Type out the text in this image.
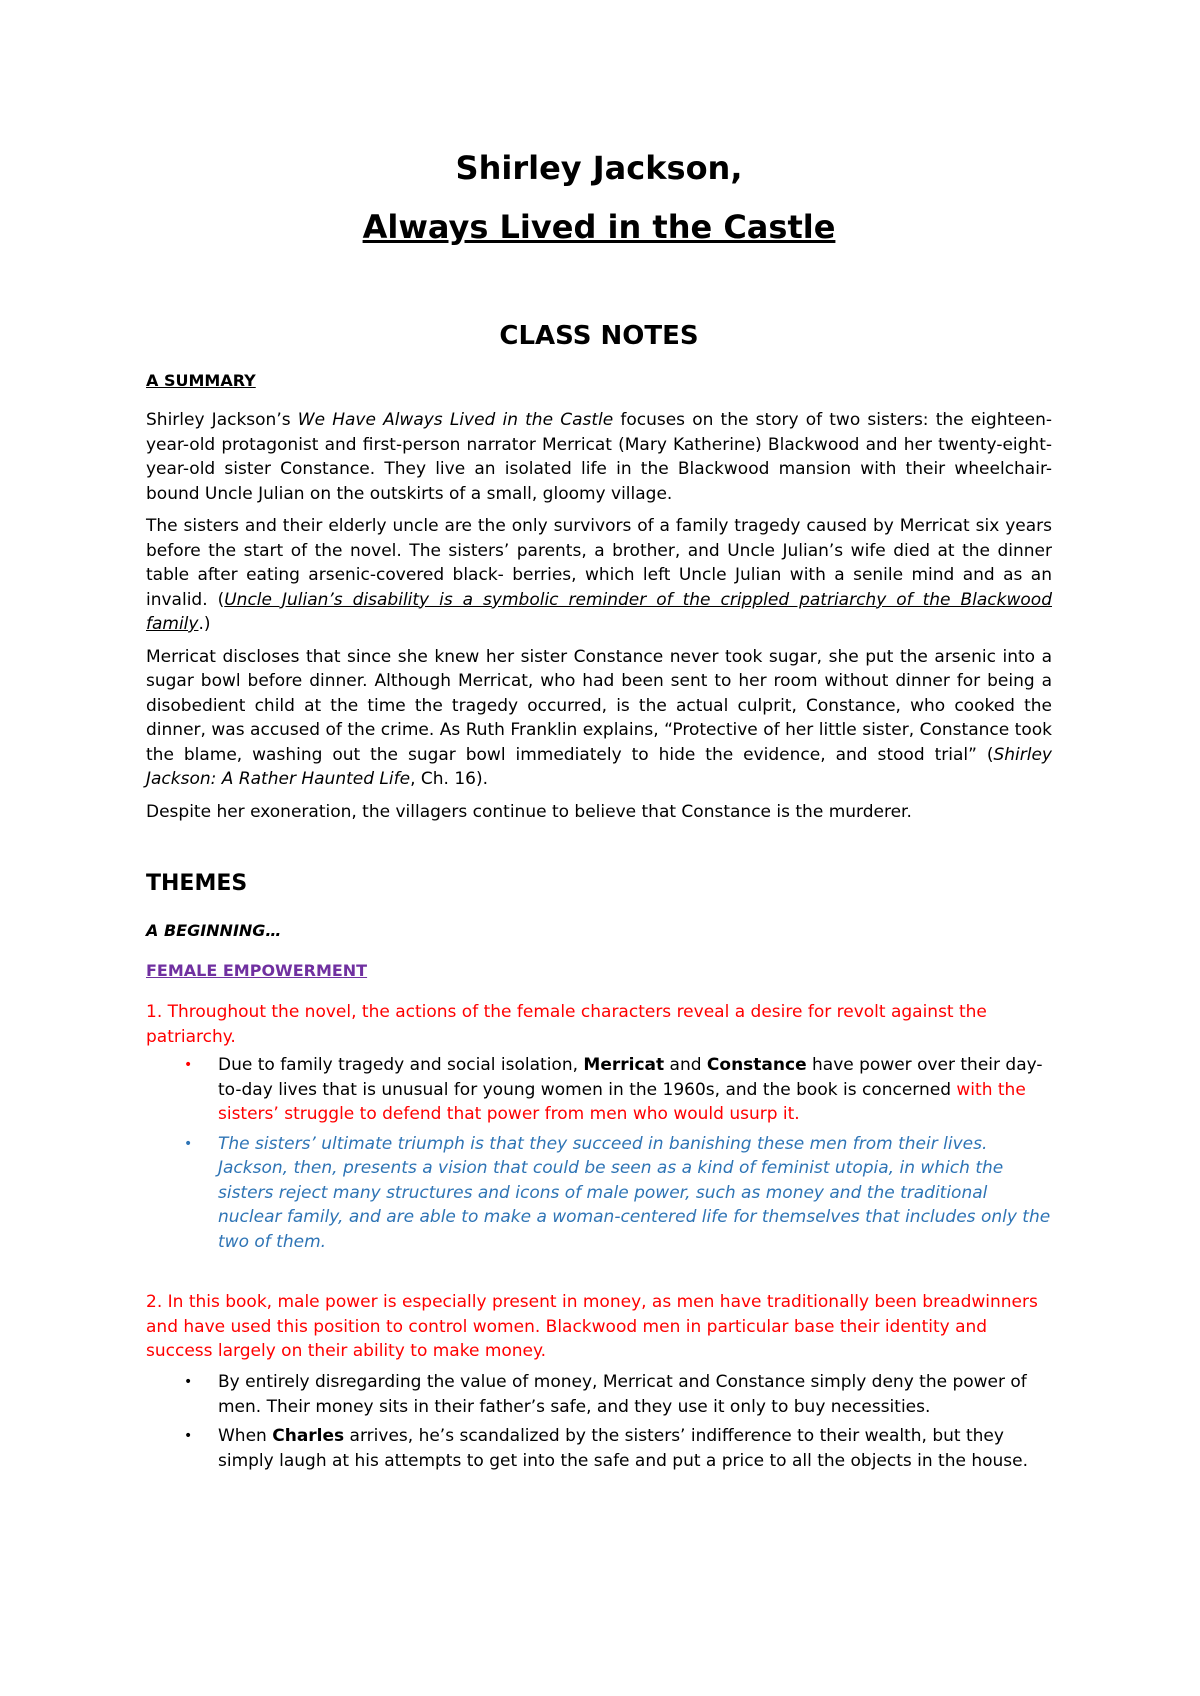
Shirley Jackson,
Always Lived in the Castle
CLASS NOTES
A SUMMARY

Shirley Jackson’s We Have Always Lived in the Castle focuses on the story of two sisters: the eighteen-year-old protagonist and first-person narrator Merricat (Mary Katherine) Blackwood and her twenty-eight-year-old sister Constance. They live an isolated life in the Blackwood mansion with their wheelchair-bound Uncle Julian on the outskirts of a small, gloomy village.

The sisters and their elderly uncle are the only survivors of a family tragedy caused by Merricat six years before the start of the novel. The sisters’ parents, a brother, and Uncle Julian’s wife died at the dinner table after eating arsenic-covered black- berries, which left Uncle Julian with a senile mind and as an invalid. (Uncle Julian’s disability is a symbolic reminder of the crippled patriarchy of the Blackwood family.)

Merricat discloses that since she knew her sister Constance never took sugar, she put the arsenic into a sugar bowl before dinner. Although Merricat, who had been sent to her room without dinner for being a disobedient child at the time the tragedy occurred, is the actual culprit, Constance, who cooked the dinner, was accused of the crime. As Ruth Franklin explains, “Protective of her little sister, Constance took the blame, washing out the sugar bowl immediately to hide the evidence, and stood trial” (Shirley Jackson: A Rather Haunted Life, Ch. 16).

Despite her exoneration, the villagers continue to believe that Constance is the murderer.

THEMES
A BEGINNING…
FEMALE EMPOWERMENT

1. Throughout the novel, the actions of the female characters reveal a desire for revolt against the patriarchy.

• Due to family tragedy and social isolation, Merricat and Constance have power over their day-to-day lives that is unusual for young women in the 1960s, and the book is concerned with the sisters’ struggle to defend that power from men who would usurp it.
• The sisters’ ultimate triumph is that they succeed in banishing these men from their lives. Jackson, then, presents a vision that could be seen as a kind of feminist utopia, in which the sisters reject many structures and icons of male power, such as money and the traditional nuclear family, and are able to make a woman-centered life for themselves that includes only the two of them.

2. In this book, male power is especially present in money, as men have traditionally been breadwinners and have used this position to control women. Blackwood men in particular base their identity and success largely on their ability to make money.

• By entirely disregarding the value of money, Merricat and Constance simply deny the power of men. Their money sits in their father’s safe, and they use it only to buy necessities.
• When Charles arrives, he’s scandalized by the sisters’ indifference to their wealth, but they simply laugh at his attempts to get into the safe and put a price to all the objects in the house.
